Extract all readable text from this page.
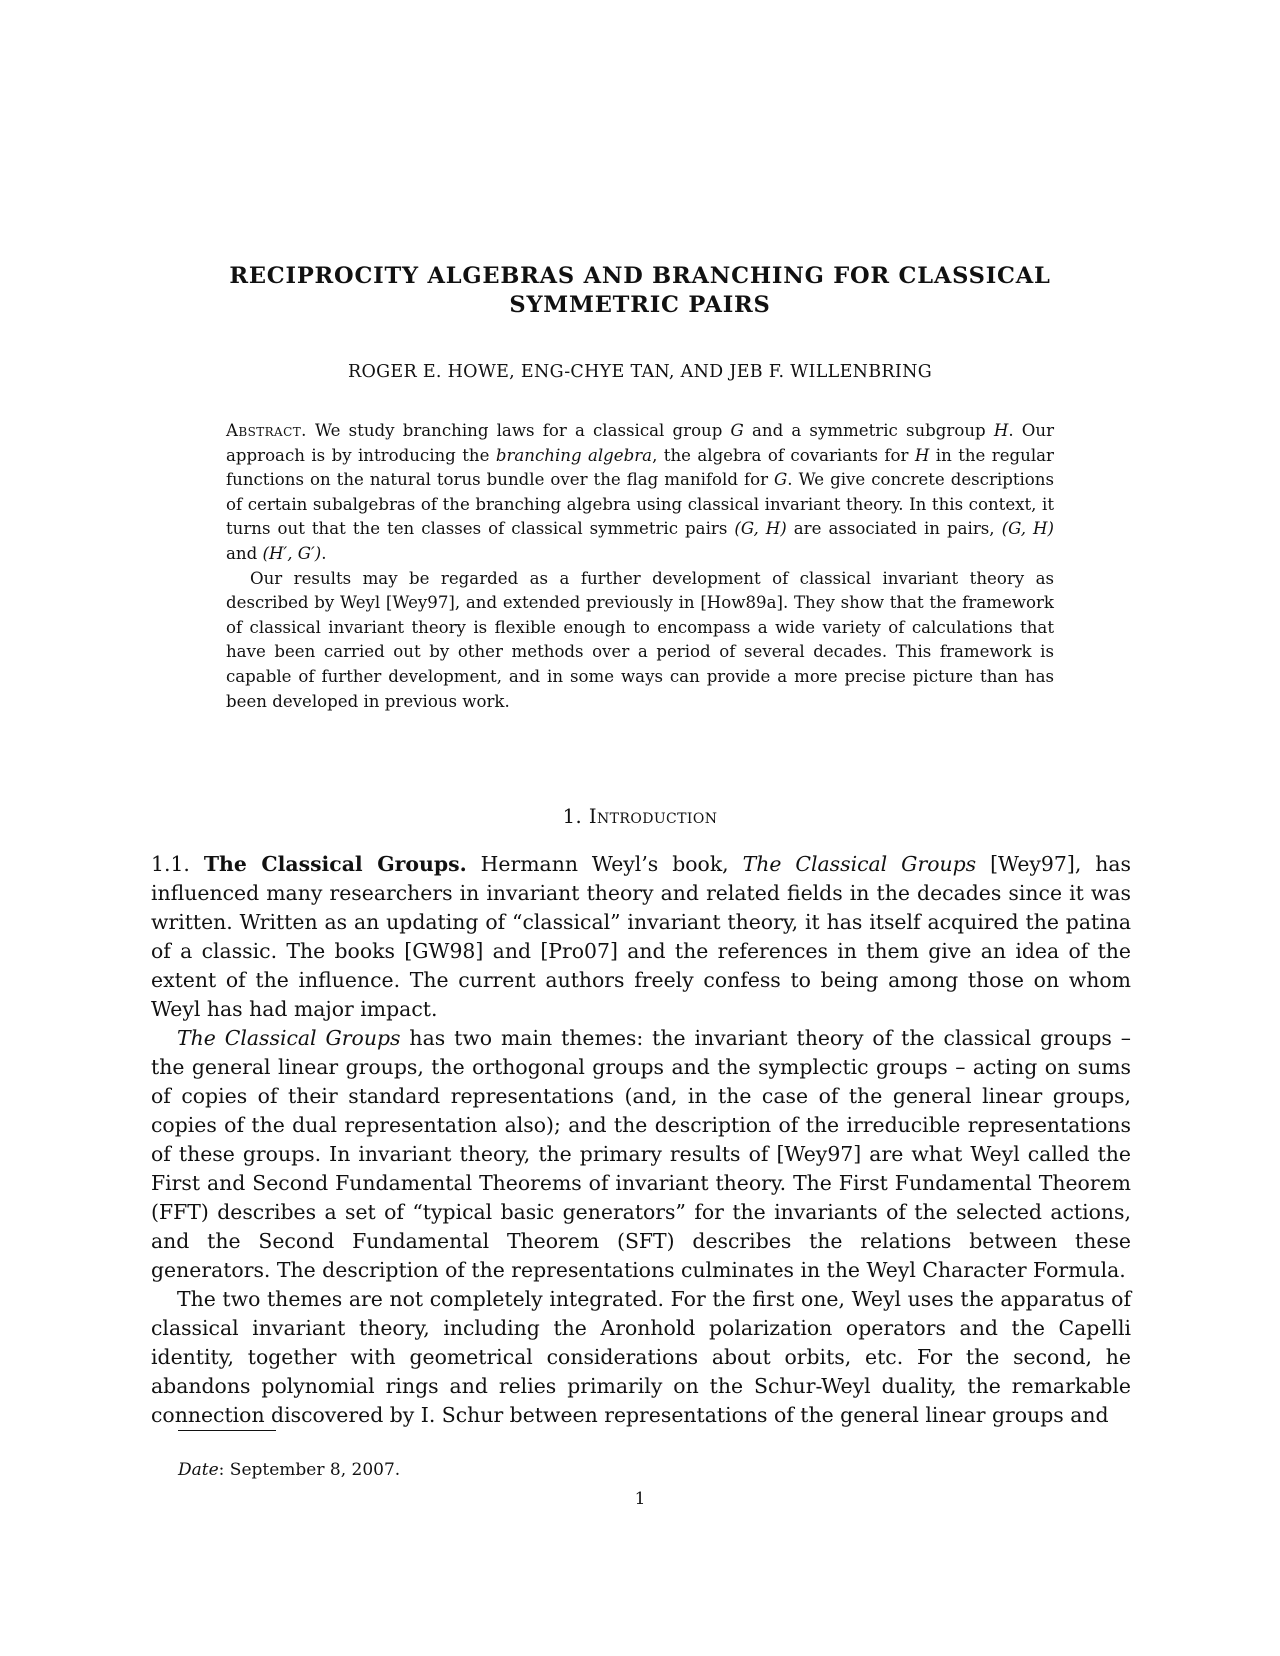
RECIPROCITY ALGEBRAS AND BRANCHING FOR CLASSICAL
SYMMETRIC PAIRS
ROGER E. HOWE, ENG-CHYE TAN, AND JEB F. WILLENBRING

Abstract. We study branching laws for a classical group G and a symmetric subgroup H. Our approach is by introducing the branching algebra, the algebra of covariants for H in the regular functions on the natural torus bundle over the flag manifold for G. We give concrete descriptions of certain subalgebras of the branching algebra using classical invariant theory. In this context, it turns out that the ten classes of classical symmetric pairs (G, H) are associated in pairs, (G, H) and (H′, G′).

Our results may be regarded as a further development of classical invariant theory as described by Weyl [Wey97], and extended previously in [How89a]. They show that the framework of classical invariant theory is flexible enough to encompass a wide variety of calculations that have been carried out by other methods over a period of several decades. This framework is capable of further development, and in some ways can provide a more precise picture than has been developed in previous work.

1. Introduction

1.1. The Classical Groups. Hermann Weyl’s book, The Classical Groups [Wey97], has influenced many researchers in invariant theory and related fields in the decades since it was written. Written as an updating of “classical” invariant theory, it has itself acquired the patina of a classic. The books [GW98] and [Pro07] and the references in them give an idea of the extent of the influence. The current authors freely confess to being among those on whom Weyl has had major impact.

The Classical Groups has two main themes: the invariant theory of the classical groups – the general linear groups, the orthogonal groups and the symplectic groups – acting on sums of copies of their standard representations (and, in the case of the general linear groups, copies of the dual representation also); and the description of the irreducible representations of these groups. In invariant theory, the primary results of [Wey97] are what Weyl called the First and Second Fundamental Theorems of invariant theory. The First Fundamental Theorem (FFT) describes a set of “typical basic generators” for the invariants of the selected actions, and the Second Fundamental Theorem (SFT) describes the relations between these generators. The description of the representations culminates in the Weyl Character Formula.

The two themes are not completely integrated. For the first one, Weyl uses the apparatus of classical invariant theory, including the Aronhold polarization operators and the Capelli identity, together with geometrical considerations about orbits, etc. For the second, he abandons polynomial rings and relies primarily on the Schur-Weyl duality, the remarkable connection discovered by I. Schur between representations of the general linear groups and

Date: September 8, 2007.
1
